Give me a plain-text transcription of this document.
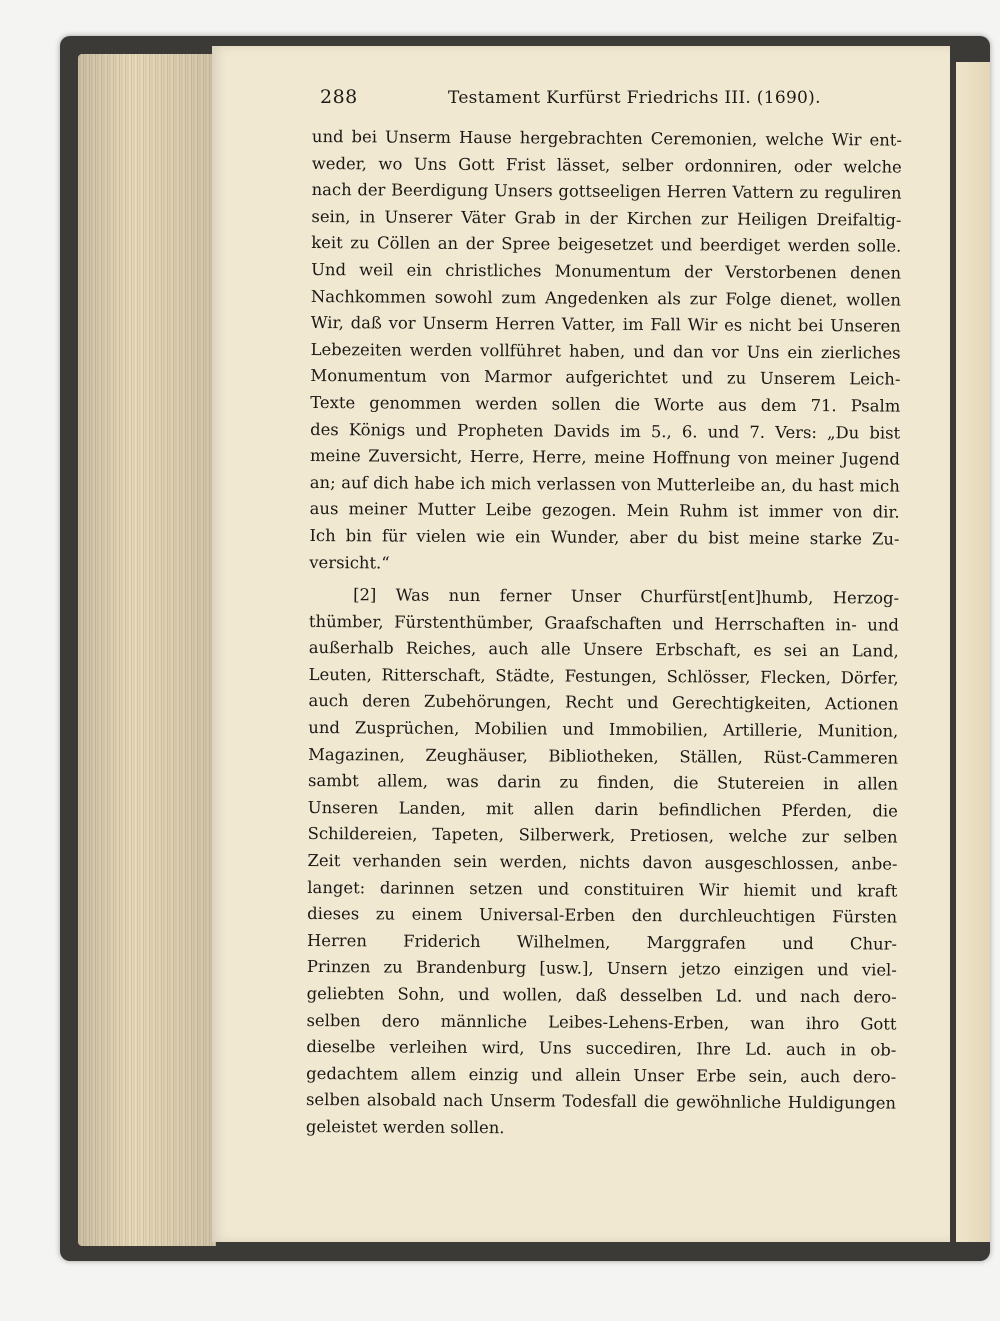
288	Testament Kurfürst Friedrichs III. (1690).
und bei Unserm Hause hergebrachten Ceremonien, welche Wir ent-
weder, wo Uns Gott Frist lässet, selber ordonniren, oder welche
nach der Beerdigung Unsers gottseeligen Herren Vattern zu reguliren
sein, in Unserer Väter Grab in der Kirchen zur Heiligen Dreifaltig-
keit zu Cöllen an der Spree beigesetzet und beerdiget werden solle.
Und weil ein christliches Monumentum der Verstorbenen denen
Nachkommen sowohl zum Angedenken als zur Folge dienet, wollen
Wir, daß vor Unserm Herren Vatter, im Fall Wir es nicht bei Unseren
Lebezeiten werden vollführet haben, und dan vor Uns ein zierliches
Monumentum von Marmor aufgerichtet und zu Unserem Leich-
Texte genommen werden sollen die Worte aus dem 71. Psalm
des Königs und Propheten Davids im 5., 6. und 7. Vers: „Du bist
meine Zuversicht, Herre, Herre, meine Hoffnung von meiner Jugend
an; auf dich habe ich mich verlassen von Mutterleibe an, du hast mich
aus meiner Mutter Leibe gezogen. Mein Ruhm ist immer von dir.
Ich bin für vielen wie ein Wunder, aber du bist meine starke Zu-
versicht.“
[2] Was nun ferner Unser Churfürst[ent]humb, Herzog-
thümber, Fürstenthümber, Graafschaften und Herrschaften in- und
außerhalb Reiches, auch alle Unsere Erbschaft, es sei an Land,
Leuten, Ritterschaft, Städte, Festungen, Schlösser, Flecken, Dörfer,
auch deren Zubehörungen, Recht und Gerechtigkeiten, Actionen
und Zusprüchen, Mobilien und Immobilien, Artillerie, Munition,
Magazinen, Zeughäuser, Bibliotheken, Ställen, Rüst-Cammeren
sambt allem, was darin zu finden, die Stutereien in allen
Unseren Landen, mit allen darin befindlichen Pferden, die
Schildereien, Tapeten, Silberwerk, Pretiosen, welche zur selben
Zeit verhanden sein werden, nichts davon ausgeschlossen, anbe-
langet: darinnen setzen und constituiren Wir hiemit und kraft
dieses zu einem Universal-Erben den durchleuchtigen Fürsten
Herren Friderich Wilhelmen, Marggrafen und Chur-
Prinzen zu Brandenburg [usw.], Unsern jetzo einzigen und viel-
geliebten Sohn, und wollen, daß desselben Ld. und nach dero-
selben dero männliche Leibes-Lehens-Erben, wan ihro Gott
dieselbe verleihen wird, Uns succediren, Ihre Ld. auch in ob-
gedachtem allem einzig und allein Unser Erbe sein, auch dero-
selben alsobald nach Unserm Todesfall die gewöhnliche Huldigungen
geleistet werden sollen.
